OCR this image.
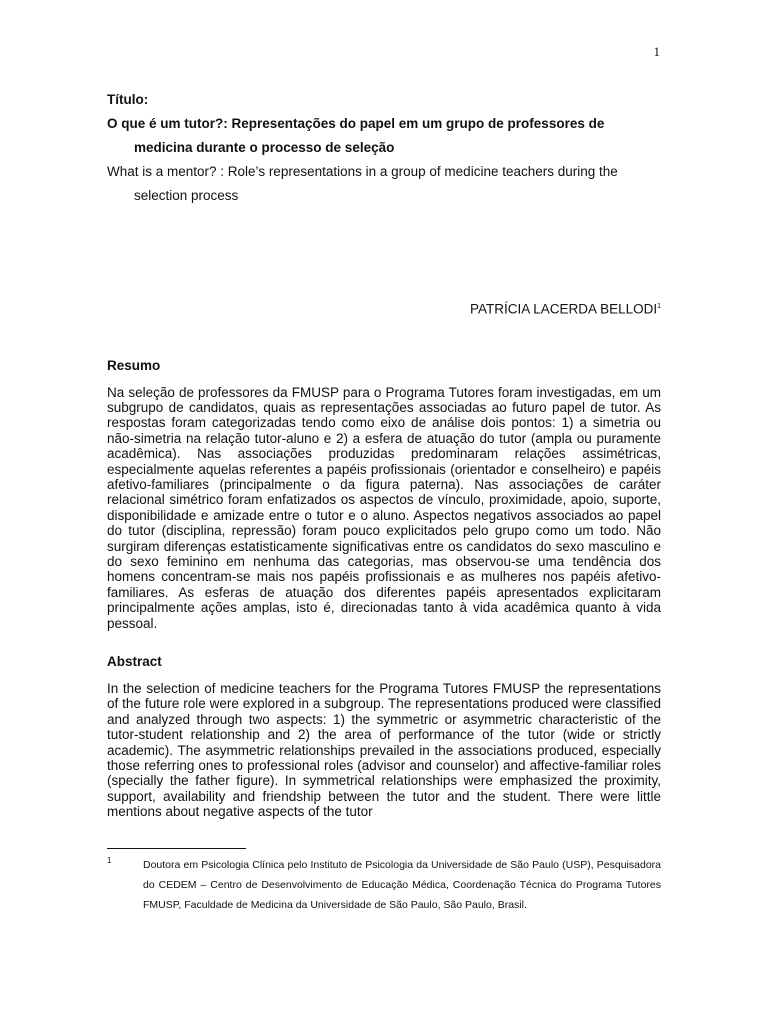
1

Título:

O que é um tutor?: Representações do papel em um grupo de professores de medicina durante o processo de seleção

What is a mentor? : Role’s representations in a group of medicine teachers during the selection process

PATRÍCIA LACERDA BELLODI$^1$

Resumo

Na seleção de professores da FMUSP para o Programa Tutores foram investigadas, em um subgrupo de candidatos, quais as representações associadas ao futuro papel de tutor. As respostas foram categorizadas tendo como eixo de análise dois pontos: 1) a simetria ou não-simetria na relação tutor-aluno e 2) a esfera de atuação do tutor (ampla ou puramente acadêmica). Nas associações produzidas predominaram relações assimétricas, especialmente aquelas referentes a papéis profissionais (orientador e conselheiro) e papéis afetivo-familiares (principalmente o da figura paterna). Nas associações de caráter relacional simétrico foram enfatizados os aspectos de vínculo, proximidade, apoio, suporte, disponibilidade e amizade entre o tutor e o aluno. Aspectos negativos associados ao papel do tutor (disciplina, repressão) foram pouco explicitados pelo grupo como um todo. Não surgiram diferenças estatisticamente significativas entre os candidatos do sexo masculino e do sexo feminino em nenhuma das categorias, mas observou-se uma tendência dos homens concentram-se mais nos papéis profissionais e as mulheres nos papéis afetivo-familiares. As esferas de atuação dos diferentes papéis apresentados explicitaram principalmente ações amplas, isto é, direcionadas tanto à vida acadêmica quanto à vida pessoal.

Abstract

In the selection of medicine teachers for the Programa Tutores FMUSP the representations of the future role were explored in a subgroup. The representations produced were classified and analyzed through two aspects: 1) the symmetric or asymmetric characteristic of the tutor-student relationship and 2) the area of performance of the tutor (wide or strictly academic). The asymmetric relationships prevailed in the associations produced, especially those referring ones to professional roles (advisor and counselor) and affective-familiar roles (specially the father figure). In symmetrical relationships were emphasized the proximity, support, availability and friendship between the tutor and the student. There were little mentions about negative aspects of the tutor

1	Doutora em Psicologia Clínica pelo Instituto de Psicologia da Universidade de São Paulo (USP), Pesquisadora do CEDEM – Centro de Desenvolvimento de Educação Médica, Coordenação Técnica do Programa Tutores FMUSP, Faculdade de Medicina da Universidade de São Paulo, São Paulo, Brasil.
